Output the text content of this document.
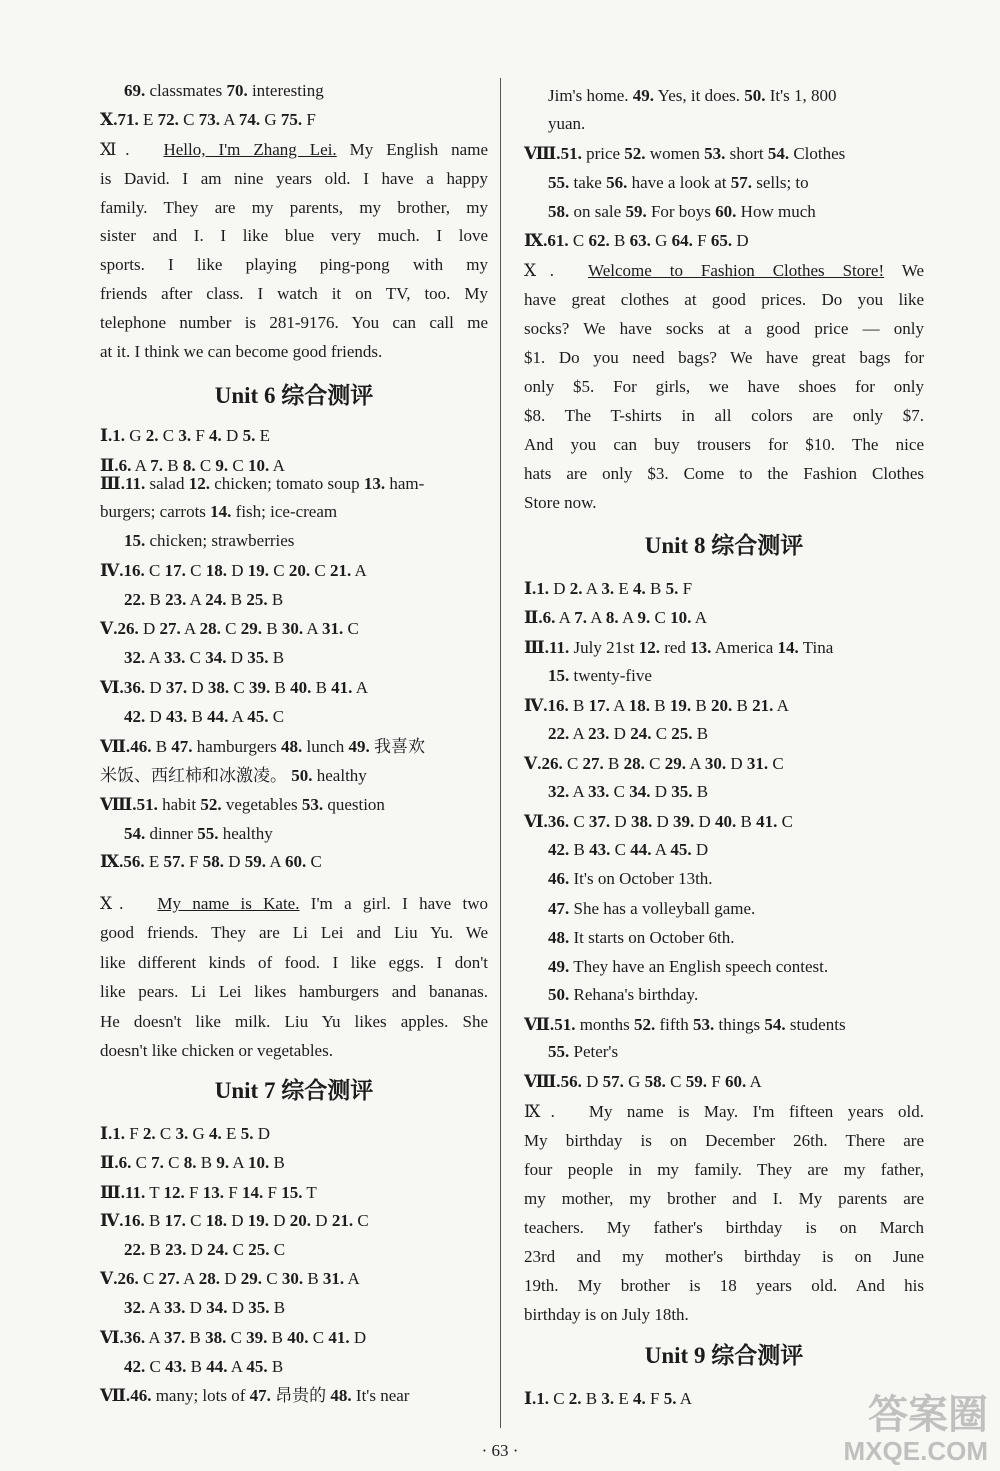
69. classmates 70. interesting
Ⅹ.71. E 72. C 73. A 74. G 75. F
Ⅺ.   Hello, I'm Zhang Lei. My English name
is David. I am nine years old. I have a happy
family. They are my parents, my brother, my
sister and I. I like blue very much. I love
sports. I like playing ping-pong with my
friends after class. I watch it on TV, too. My
telephone number is 281-9176. You can call me
at it. I think we can become good friends.
Unit 6 综合测评
Ⅰ.1. G 2. C 3. F 4. D 5. E
Ⅱ.6. A 7. B 8. C 9. C 10. A
Ⅲ.11. salad 12. chicken; tomato soup 13. ham-
burgers; carrots 14. fish; ice-cream
15. chicken; strawberries
Ⅳ.16. C 17. C 18. D 19. C 20. C 21. A
22. B 23. A 24. B 25. B
Ⅴ.26. D 27. A 28. C 29. B 30. A 31. C
32. A 33. C 34. D 35. B
Ⅵ.36. D 37. D 38. C 39. B 40. B 41. A
42. D 43. B 44. A 45. C
Ⅶ.46. B 47. hamburgers 48. lunch 49. 我喜欢
米饭、西红柿和冰激凌。 50. healthy
Ⅷ.51. habit 52. vegetables 53. question
54. dinner 55. healthy
Ⅸ.56. E 57. F 58. D 59. A 60. C
Ⅹ.   My name is Kate. I'm a girl. I have two
good friends. They are Li Lei and Liu Yu. We
like different kinds of food. I like eggs. I don't
like pears. Li Lei likes hamburgers and bananas.
He doesn't like milk. Liu Yu likes apples. She
doesn't like chicken or vegetables.
Unit 7 综合测评
Ⅰ.1. F 2. C 3. G 4. E 5. D
Ⅱ.6. C 7. C 8. B 9. A 10. B
Ⅲ.11. T 12. F 13. F 14. F 15. T
Ⅳ.16. B 17. C 18. D 19. D 20. D 21. C
22. B 23. D 24. C 25. C
Ⅴ.26. C 27. A 28. D 29. C 30. B 31. A
32. A 33. D 34. D 35. B
Ⅵ.36. A 37. B 38. C 39. B 40. C 41. D
42. C 43. B 44. A 45. B
Ⅶ.46. many; lots of 47. 昂贵的 48. It's near
Jim's home. 49. Yes, it does. 50. It's 1, 800
yuan.
Ⅷ.51. price 52. women 53. short 54. Clothes
55. take 56. have a look at 57. sells; to
58. on sale 59. For boys 60. How much
Ⅸ.61. C 62. B 63. G 64. F 65. D
Ⅹ.   Welcome to Fashion Clothes Store! We
have great clothes at good prices. Do you like
socks? We have socks at a good price — only
$1. Do you need bags? We have great bags for
only $5. For girls, we have shoes for only
$8. The T-shirts in all colors are only $7.
And you can buy trousers for $10. The nice
hats are only $3. Come to the Fashion Clothes
Store now.
Unit 8 综合测评
Ⅰ.1. D 2. A 3. E 4. B 5. F
Ⅱ.6. A 7. A 8. A 9. C 10. A
Ⅲ.11. July 21st 12. red 13. America 14. Tina
15. twenty-five
Ⅳ.16. B 17. A 18. B 19. B 20. B 21. A
22. A 23. D 24. C 25. B
Ⅴ.26. C 27. B 28. C 29. A 30. D 31. C
32. A 33. C 34. D 35. B
Ⅵ.36. C 37. D 38. D 39. D 40. B 41. C
42. B 43. C 44. A 45. D
46. It's on October 13th.
47. She has a volleyball game.
48. It starts on October 6th.
49. They have an English speech contest.
50. Rehana's birthday.
Ⅶ.51. months 52. fifth 53. things 54. students
55. Peter's
Ⅷ.56. D 57. G 58. C 59. F 60. A
Ⅸ.   My name is May. I'm fifteen years old.
My birthday is on December 26th. There are
four people in my family. They are my father,
my mother, my brother and I. My parents are
teachers. My father's birthday is on March
23rd and my mother's birthday is on June
19th. My brother is 18 years old. And his
birthday is on July 18th.
Unit 9 综合测评
Ⅰ.1. C 2. B 3. E 4. F 5. A
· 63 ·
答案圈
MXQE.COM
